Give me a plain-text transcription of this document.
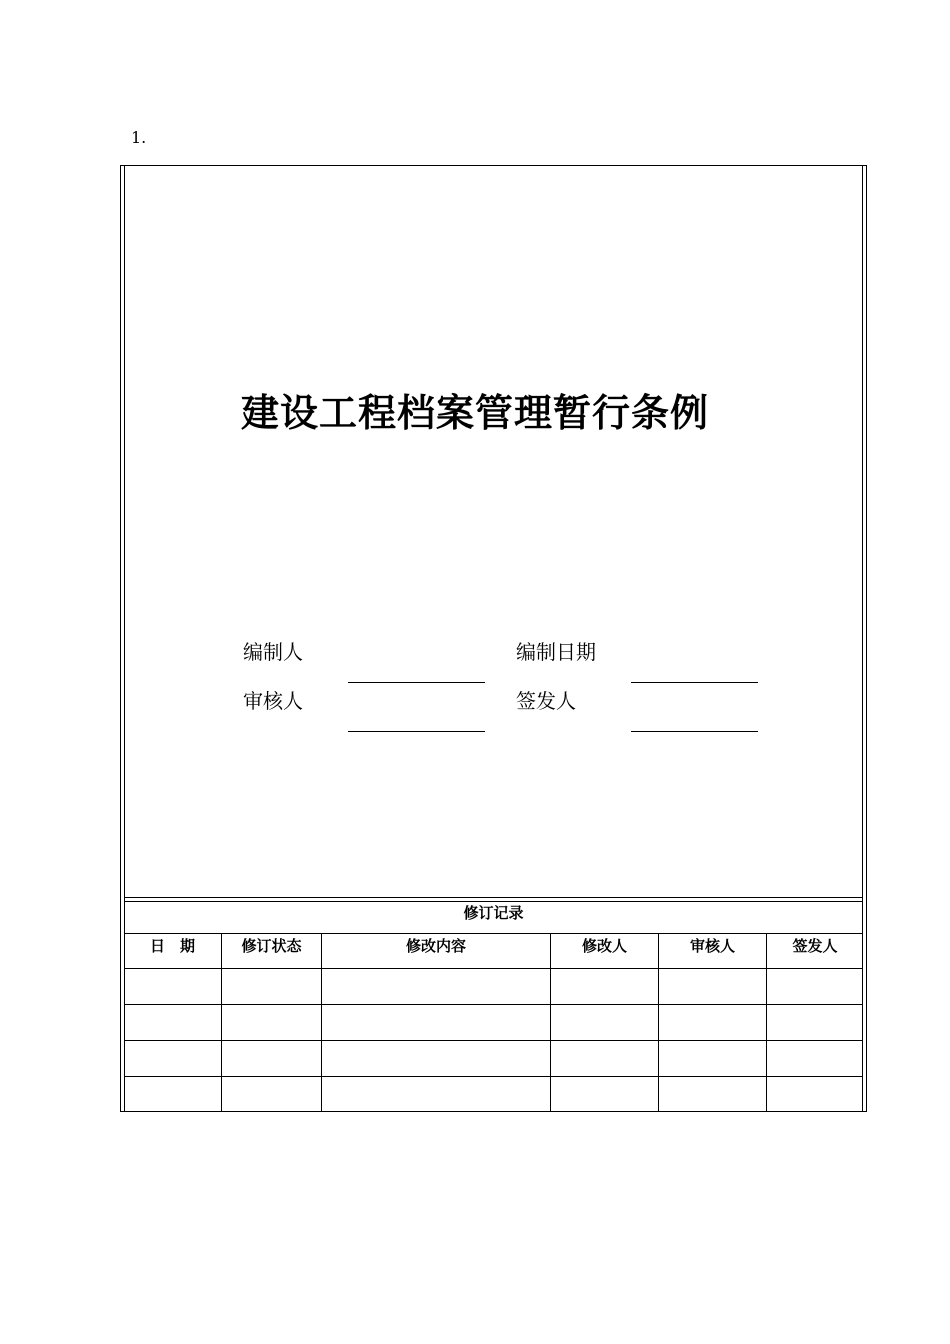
1.
建设工程档案管理暂行条例
编制人	编制日期
审核人	签发人
修订记录
日　期	修订状态	修改内容	修改人	审核人	签发人
